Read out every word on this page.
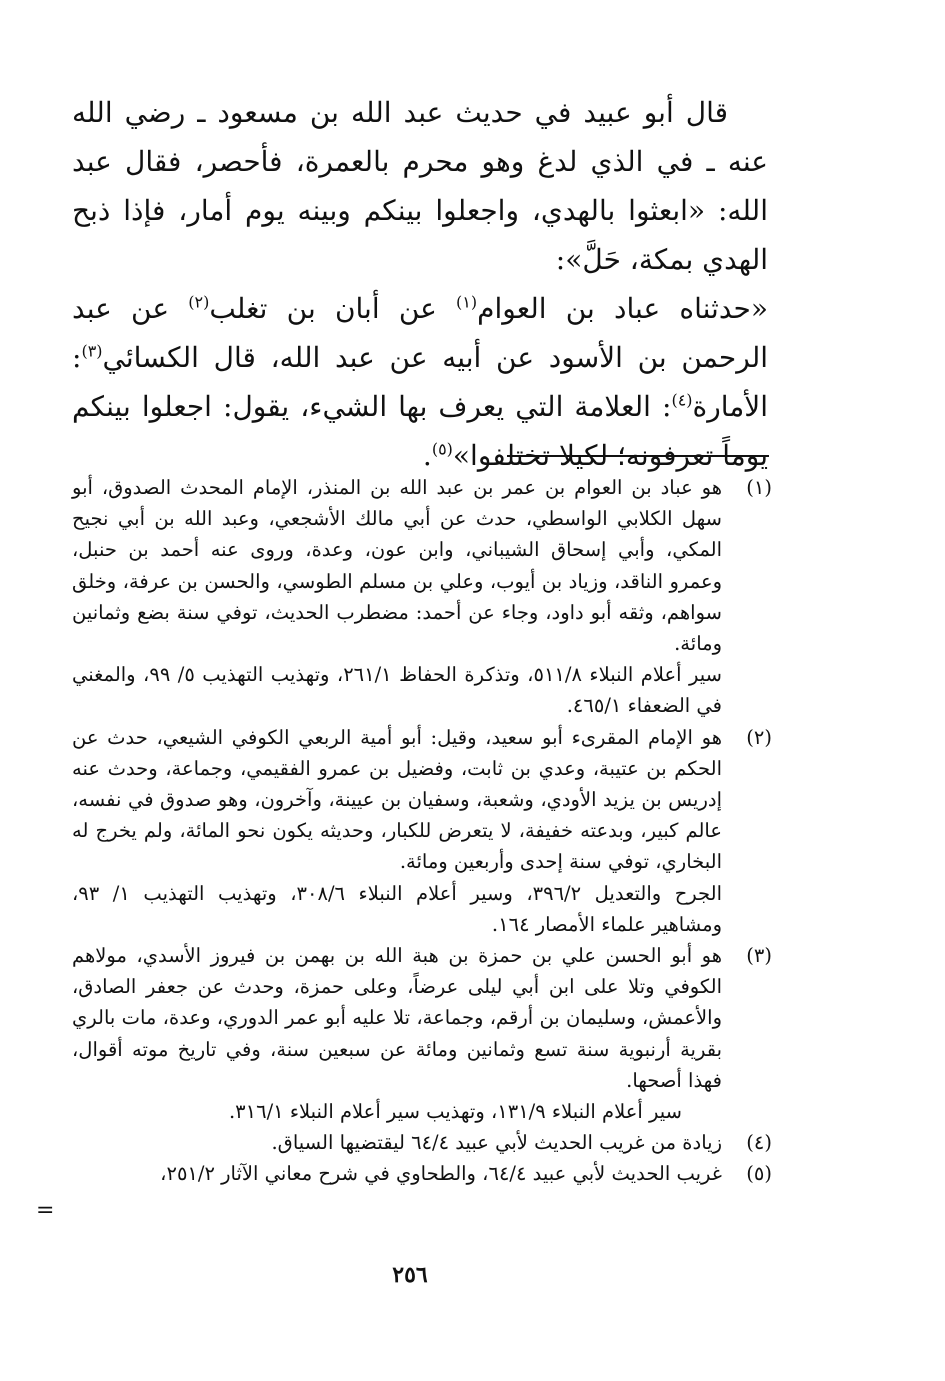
قال أبو عبيد في حديث عبد الله بن مسعود ـ رضي الله عنه ـ في الذي لدغ وهو محرم بالعمرة، فأحصر، فقال عبد الله: «ابعثوا بالهدي، واجعلوا بينكم وبينه يوم أمار، فإذا ذبح الهدي بمكة، حَلَّ»:

«حدثناه عباد بن العوام$^{(١)}$ عن أبان بن تغلب$^{(٢)}$ عن عبد الرحمن بن الأسود عن أبيه عن عبد الله، قال الكسائي$^{(٣)}$: الأمارة$^{(٤)}$: العلامة التي يعرف بها الشيء، يقول: اجعلوا بينكم يوماً تعرفونه؛ لكيلا تختلفوا»$^{(٥)}$.

(١)

هو عباد بن العوام بن عمر بن عبد الله بن المنذر، الإمام المحدث الصدوق، أبو سهل الكلابي الواسطي، حدث عن أبي مالك الأشجعي، وعبد الله بن أبي نجيح المكي، وأبي إسحاق الشيباني، وابن عون، وعدة، وروى عنه أحمد بن حنبل، وعمرو الناقد، وزياد بن أيوب، وعلي بن مسلم الطوسي، والحسن بن عرفة، وخلق سواهم، وثقه أبو داود، وجاء عن أحمد: مضطرب الحديث، توفي سنة بضع وثمانين ومائة.

سير أعلام النبلاء ٥١١/٨، وتذكرة الحفاظ ٢٦١/١، وتهذيب التهذيب ٥/ ٩٩، والمغني في الضعفاء ٤٦٥/١.

(٢)

هو الإمام المقرىء أبو سعيد، وقيل: أبو أمية الربعي الكوفي الشيعي، حدث عن الحكم بن عتيبة، وعدي بن ثابت، وفضيل بن عمرو الفقيمي، وجماعة، وحدث عنه إدريس بن يزيد الأودي، وشعبة، وسفيان بن عيينة، وآخرون، وهو صدوق في نفسه، عالم كبير، وبدعته خفيفة، لا يتعرض للكبار، وحديثه يكون نحو المائة، ولم يخرج له البخاري، توفي سنة إحدى وأربعين ومائة.

الجرح والتعديل ٣٩٦/٢، وسير أعلام النبلاء ٣٠٨/٦، وتهذيب التهذيب ١/ ٩٣، ومشاهير علماء الأمصار ١٦٤.

(٣)

هو أبو الحسن علي بن حمزة بن هبة الله بن بهمن بن فيروز الأسدي، مولاهم الكوفي وتلا على ابن أبي ليلى عرضاً، وعلى حمزة، وحدث عن جعفر الصادق، والأعمش، وسليمان بن أرقم، وجماعة، تلا عليه أبو عمر الدوري، وعدة، مات بالري بقرية أرنبوية سنة تسع وثمانين ومائة عن سبعين سنة، وفي تاريخ موته أقوال، فهذا أصحها.

سير أعلام النبلاء ١٣١/٩، وتهذيب سير أعلام النبلاء ٣١٦/١.

(٤)

زيادة من غريب الحديث لأبي عبيد ٦٤/٤ ليقتضيها السياق.

(٥)

غريب الحديث لأبي عبيد ٦٤/٤، والطحاوي في شرح معاني الآثار ٢٥١/٢،

=
٢٥٦
